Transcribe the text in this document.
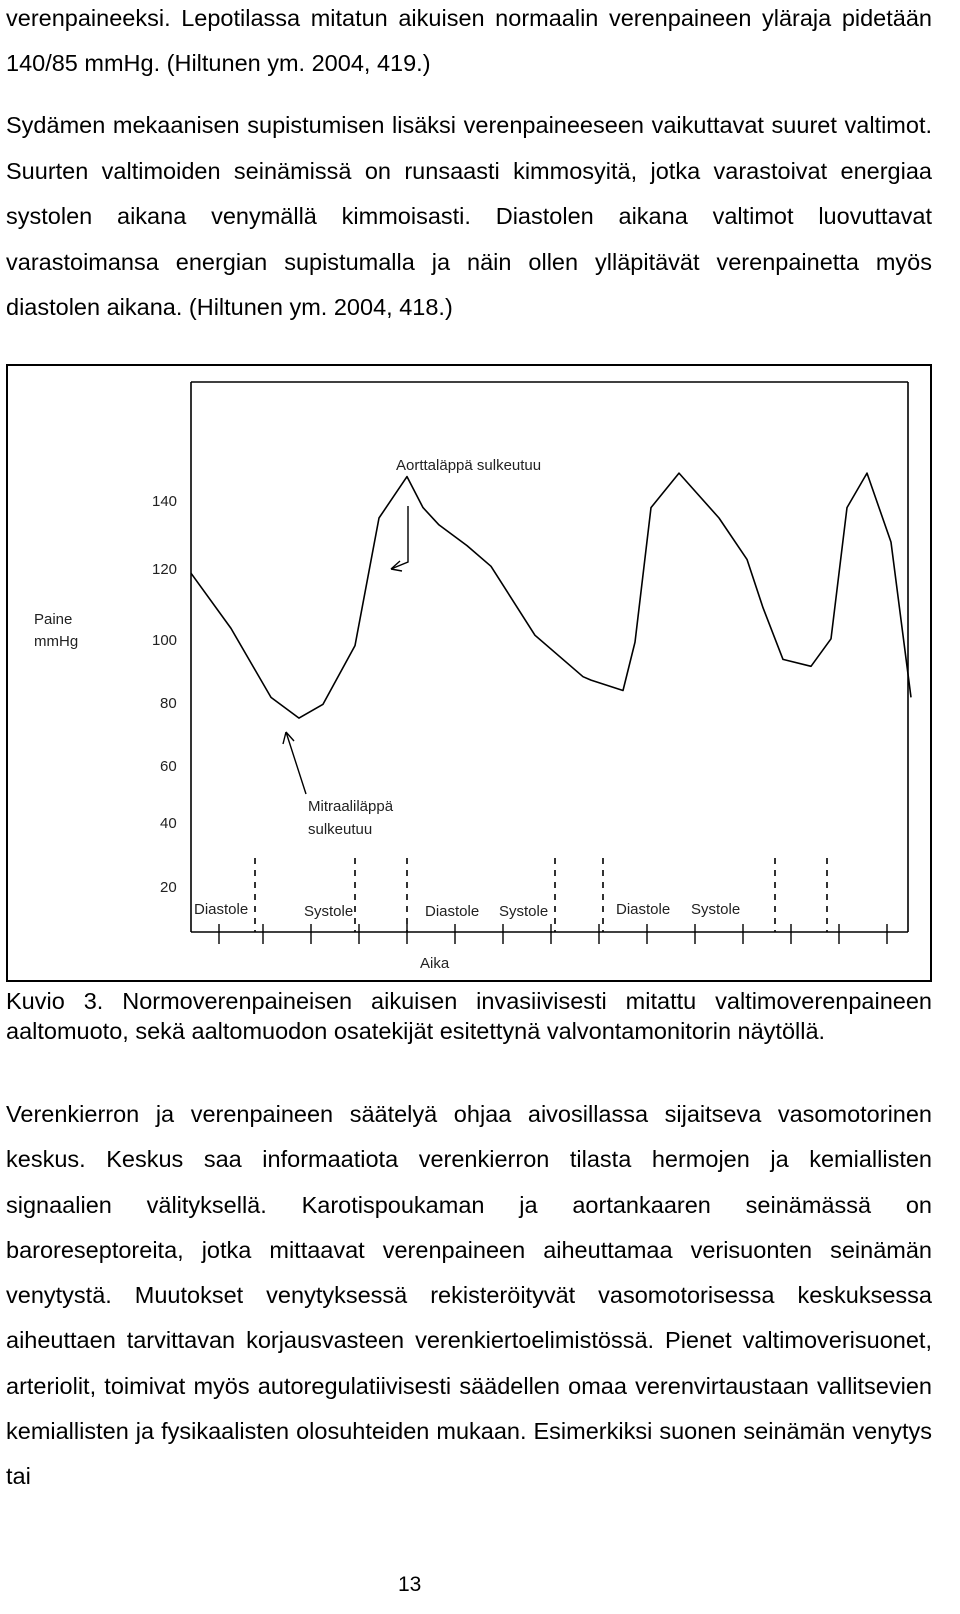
verenpaineeksi. Lepotilassa mitatun aikuisen normaalin verenpaineen yläraja pidetään 140/85 mmHg. (Hiltunen ym. 2004, 419.)

Sydämen mekaanisen supistumisen lisäksi verenpaineeseen vaikuttavat suuret valtimot. Suurten valtimoiden seinämissä on runsaasti kimmosyitä, jotka varastoivat energiaa systolen aikana venymällä kimmoisasti. Diastolen aikana valtimot luovuttavat varastoimansa energian supistumalla ja näin ollen ylläpitävät verenpainetta myös diastolen aikana. (Hiltunen ym. 2004, 418.)

Paine
mmHg
Aika
140
120
100
80
60
40
20
Diastole	Systole	Diastole Systole	Diastole Systole
Aorttaläppä sulkeutuu
Mitraaliläppä
sulkeutuu

Kuvio 3. Normoverenpaineisen aikuisen invasiivisesti mitattu valtimoverenpaineen aaltomuoto, sekä aaltomuodon osatekijät esitettynä valvontamonitorin näytöllä.

Verenkierron ja verenpaineen säätelyä ohjaa aivosillassa sijaitseva vasomotorinen keskus. Keskus saa informaatiota verenkierron tilasta hermojen ja kemiallisten signaalien välityksellä. Karotispoukaman ja aortankaaren seinämässä on baroreseptoreita, jotka mittaavat verenpaineen aiheuttamaa verisuonten seinämän venytystä. Muutokset venytyksessä rekisteröityvät vasomotorisessa keskuksessa aiheuttaen tarvittavan korjausvasteen verenkiertoelimistössä. Pienet valtimoverisuonet, arteriolit, toimivat myös autoregulatiivisesti säädellen omaa verenvirtaustaan vallitsevien kemiallisten ja fysikaalisten olosuhteiden mukaan. Esimerkiksi suonen seinämän venytys tai

13
